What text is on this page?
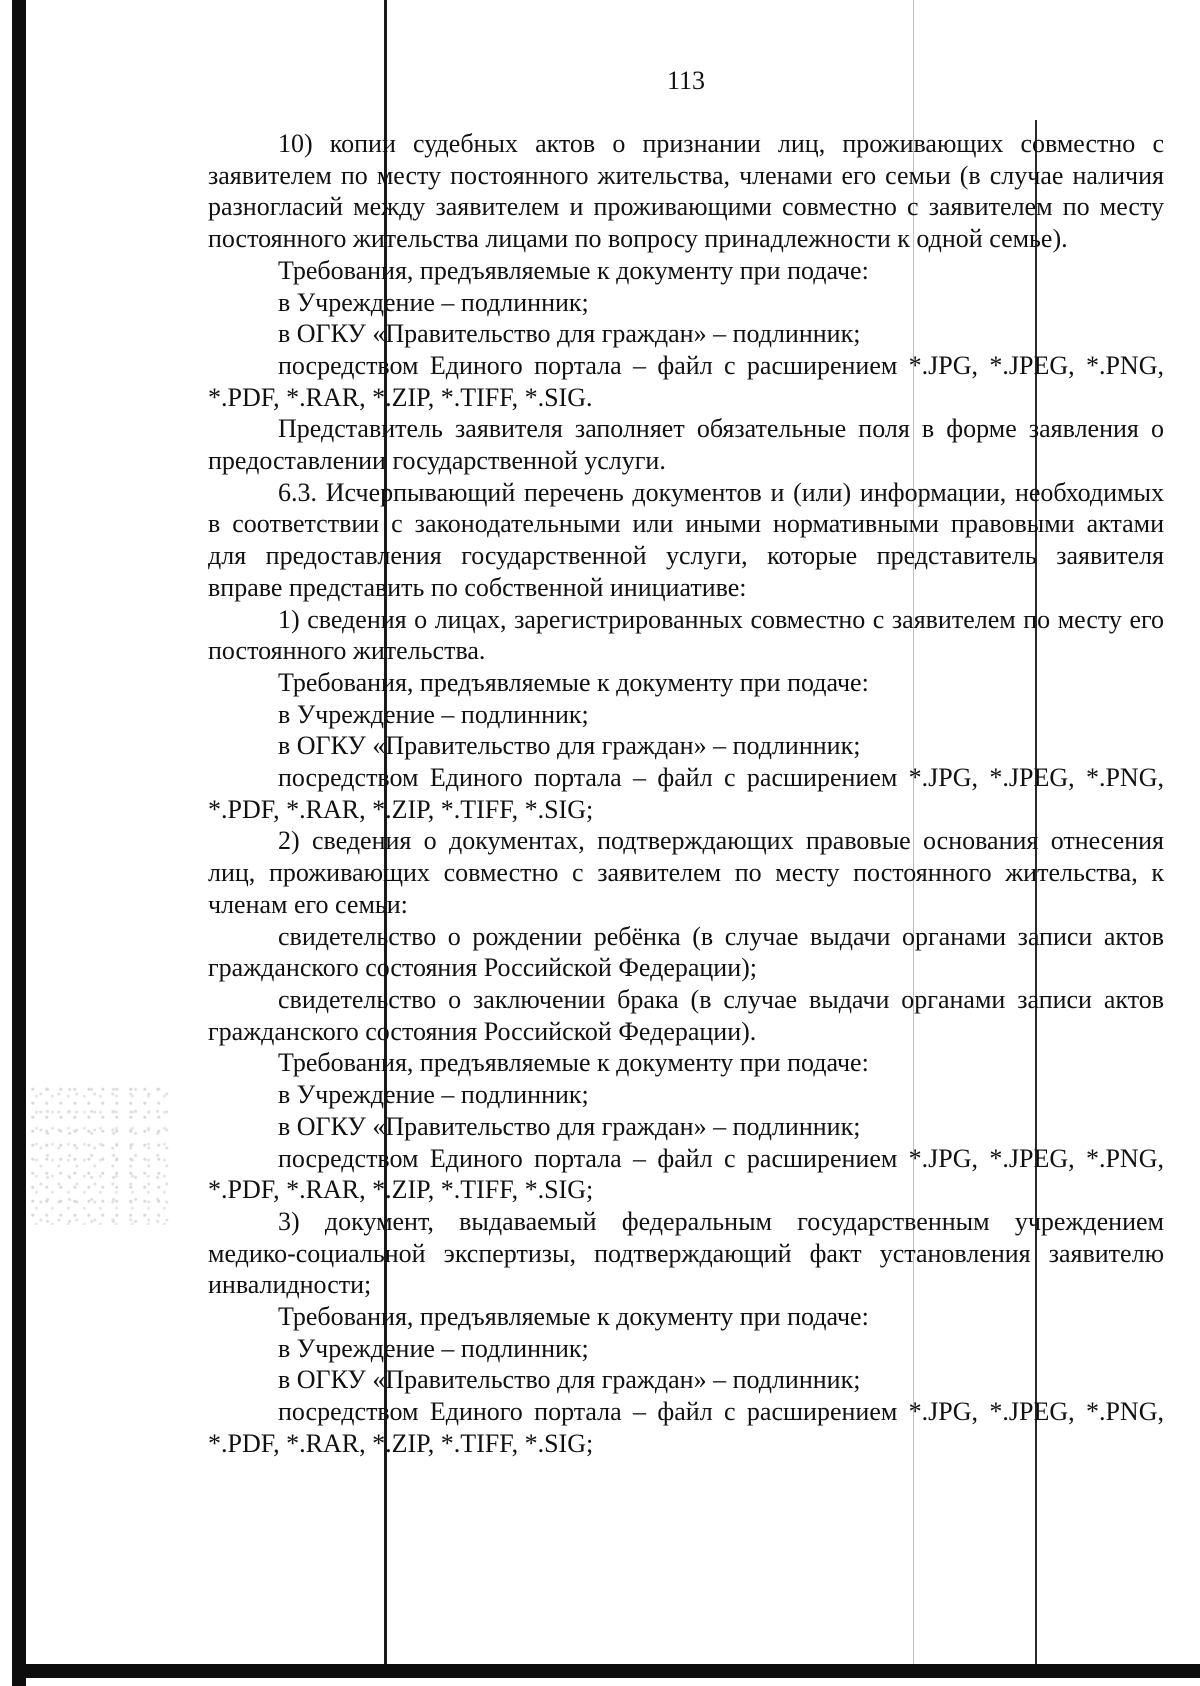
113

10) копии судебных актов о признании лиц, проживающих совместно с заявителем по месту постоянного жительства, членами его семьи (в случае наличия разногласий между заявителем и проживающими совместно с заявителем по месту постоянного жительства лицами по вопросу принадлежности к одной семье).

Требования, предъявляемые к документу при подаче:

в Учреждение – подлинник;

в ОГКУ «Правительство для граждан» – подлинник;

посредством Единого портала – файл с расширением *.JPG, *.JPEG, *.PNG, *.PDF, *.RAR, *.ZIP, *.TIFF, *.SIG.

Представитель заявителя заполняет обязательные поля в форме заявления о предоставлении государственной услуги.

6.3. Исчерпывающий перечень документов и (или) информации, необходимых в соответствии с законодательными или иными нормативными правовыми актами для предоставления государственной услуги, которые представитель заявителя вправе представить по собственной инициативе:

1) сведения о лицах, зарегистрированных совместно с заявителем по месту его постоянного жительства.

Требования, предъявляемые к документу при подаче:

в Учреждение – подлинник;

в ОГКУ «Правительство для граждан» – подлинник;

посредством Единого портала – файл с расширением *.JPG, *.JPEG, *.PNG, *.PDF, *.RAR, *.ZIP, *.TIFF, *.SIG;

2) сведения о документах, подтверждающих правовые основания отнесения лиц, проживающих совместно с заявителем по месту постоянного жительства, к членам его семьи:

свидетельство о рождении ребёнка (в случае выдачи органами записи актов гражданского состояния Российской Федерации);

свидетельство о заключении брака (в случае выдачи органами записи актов гражданского состояния Российской Федерации).

Требования, предъявляемые к документу при подаче:

в Учреждение – подлинник;

в ОГКУ «Правительство для граждан» – подлинник;

посредством Единого портала – файл с расширением *.JPG, *.JPEG, *.PNG, *.PDF, *.RAR, *.ZIP, *.TIFF, *.SIG;

3) документ, выдаваемый федеральным государственным учреждением медико-социальной экспертизы, подтверждающий факт установления заявителю инвалидности;

Требования, предъявляемые к документу при подаче:

в Учреждение – подлинник;

в ОГКУ «Правительство для граждан» – подлинник;

посредством Единого портала – файл с расширением *.JPG, *.JPEG, *.PNG, *.PDF, *.RAR, *.ZIP, *.TIFF, *.SIG;
